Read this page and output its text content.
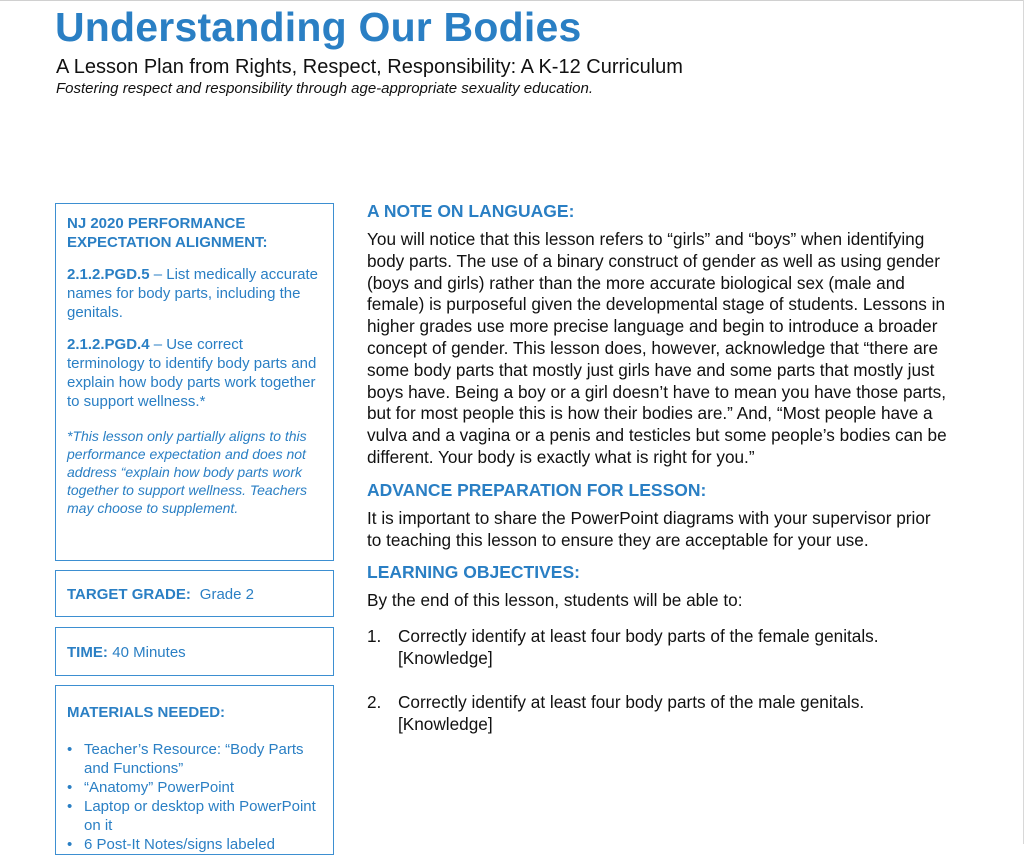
Understanding Our Bodies
A Lesson Plan from Rights, Respect, Responsibility: A K-12 Curriculum
Fostering respect and responsibility through age-appropriate sexuality education.
NJ 2020 PERFORMANCE
EXPECTATION ALIGNMENT:

2.1.2.PGD.5 – List medically accurate names for body parts, including the genitals.

2.1.2.PGD.4 – Use correct terminology to identify body parts and explain how body parts work together to support wellness.*

*This lesson only partially aligns to this performance expectation and does not address “explain how body parts work together to support wellness. Teachers may choose to supplement.

TARGET GRADE: Grade 2
TIME: 40 Minutes
MATERIALS NEEDED:
• Teacher’s Resource: “Body Parts and Functions”
• “Anatomy” PowerPoint
• Laptop or desktop with PowerPoint on it
• 6 Post-It Notes/signs labeled
A NOTE ON LANGUAGE:

You will notice that this lesson refers to “girls” and “boys” when identifying body parts. The use of a binary construct of gender as well as using gender (boys and girls) rather than the more accurate biological sex (male and female) is purposeful given the developmental stage of students. Lessons in higher grades use more precise language and begin to introduce a broader concept of gender. This lesson does, however, acknowledge that “there are some body parts that mostly just girls have and some parts that mostly just boys have. Being a boy or a girl doesn’t have to mean you have those parts, but for most people this is how their bodies are.” And, “Most people have a vulva and a vagina or a penis and testicles but some people’s bodies can be different. Your body is exactly what is right for you.”

ADVANCE PREPARATION FOR LESSON:

It is important to share the PowerPoint diagrams with your supervisor prior to teaching this lesson to ensure they are acceptable for your use.

LEARNING OBJECTIVES:

By the end of this lesson, students will be able to:

1. Correctly identify at least four body parts of the female genitals. [Knowledge]
2. Correctly identify at least four body parts of the male genitals. [Knowledge]
